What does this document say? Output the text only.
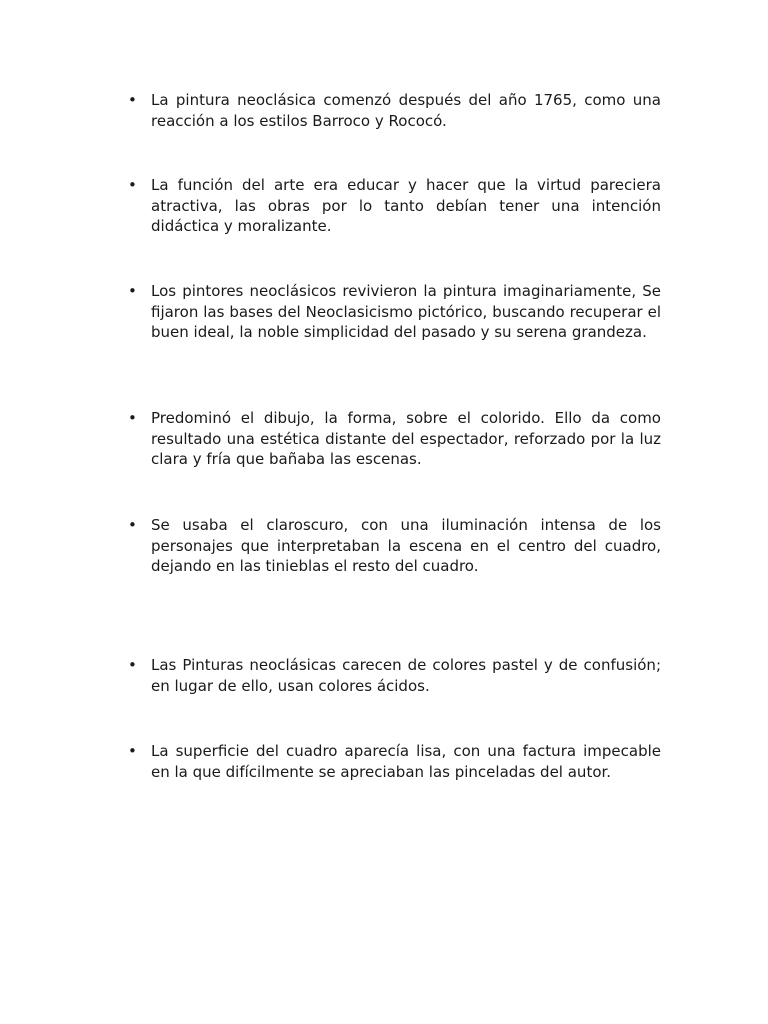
• La pintura neoclásica comenzó después del año 1765, como una reacción a los estilos Barroco y Rococó.

• La función del arte era educar y hacer que la virtud pareciera atractiva, las obras por lo tanto debían tener una intención didáctica y moralizante.

• Los pintores neoclásicos revivieron la pintura imaginariamente, Se fijaron las bases del Neoclasicismo pictórico, buscando recuperar el buen ideal, la noble simplicidad del pasado y su serena grandeza.

• Predominó el dibujo, la forma, sobre el colorido. Ello da como resultado una estética distante del espectador, reforzado por la luz clara y fría que bañaba las escenas.

• Se usaba el claroscuro, con una iluminación intensa de los personajes que interpretaban la escena en el centro del cuadro, dejando en las tinieblas el resto del cuadro.

• Las Pinturas neoclásicas carecen de colores pastel y de confusión; en lugar de ello, usan colores ácidos.

• La superficie del cuadro aparecía lisa, con una factura impecable en la que difícilmente se apreciaban las pinceladas del autor.
